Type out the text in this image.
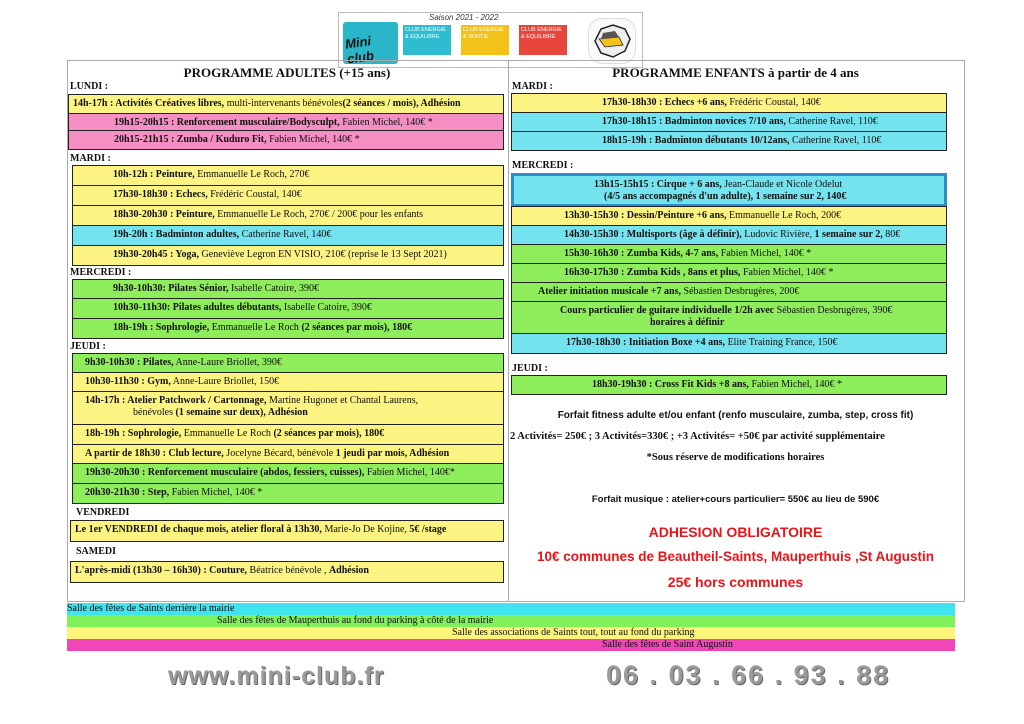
Saison 2021 - 2022
Mini club
CLUB ENERGIE & EQUILIBRE
CLUB ENERGIE & SORTIE
CLUB ENERGIE & EQUILIBRE
PROGRAMME ADULTES (+15 ans)
LUNDI :
14h-17h : Activités Créatives libres, multi-intervenants bénévoles(2 séances / mois), Adhésion
19h15-20h15 : Renforcement musculaire/Bodysculpt, Fabien Michel, 140€ *
20h15-21h15 : Zumba / Kuduro Fit, Fabien Michel, 140€ *
MARDI :
10h-12h : Peinture, Emmanuelle Le Roch, 270€
17h30-18h30 : Echecs, Frédéric Coustal, 140€
18h30-20h30 : Peinture, Emmanuelle Le Roch, 270€ / 200€ pour les enfants
19h-20h : Badminton adultes, Catherine Ravel, 140€
19h30-20h45 : Yoga, Geneviève Legron EN VISIO, 210€ (reprise le 13 Sept 2021)
MERCREDI :
9h30-10h30: Pilates Sénior, Isabelle Catoire, 390€
10h30-11h30: Pilates adultes débutants, Isabelle Catoire, 390€
18h-19h : Sophrologie, Emmanuelle Le Roch (2 séances par mois), 180€
JEUDI :
9h30-10h30 : Pilates, Anne-Laure Briollet, 390€
10h30-11h30 : Gym, Anne-Laure Briollet, 150€
14h-17h : Atelier Patchwork / Cartonnage, Martine Hugonet et Chantal Laurens,
bénévoles (1 semaine sur deux), Adhésion
18h-19h : Sophrologie, Emmanuelle Le Roch (2 séances par mois), 180€
A partir de 18h30 : Club lecture, Jocelyne Bécard, bénévole 1 jeudi par mois, Adhésion
19h30-20h30 : Renforcement musculaire (abdos, fessiers, cuisses), Fabien Michel, 140€*
20h30-21h30 : Step, Fabien Michel, 140€ *
VENDREDI
Le 1er VENDREDI de chaque mois, atelier floral à 13h30, Marie-Jo De Kojine, 5€ /stage
SAMEDI
L'après-midi (13h30 – 16h30) : Couture, Béatrice bénévole , Adhésion
PROGRAMME ENFANTS à partir de 4 ans
MARDI :
17h30-18h30 : Echecs +6 ans, Frédéric Coustal, 140€
17h30-18h15 : Badminton novices 7/10 ans, Catherine Ravel, 110€
18h15-19h : Badminton débutants 10/12ans, Catherine Ravel, 110€
MERCREDI :
13h15-15h15 : Cirque + 6 ans, Jean-Claude et Nicole Odelut
(4/5 ans accompagnés d'un adulte), 1 semaine sur 2, 140€
13h30-15h30 : Dessin/Peinture +6 ans, Emmanuelle Le Roch, 200€
14h30-15h30 : Multisports (âge à définir), Ludovic Rivière, 1 semaine sur 2, 80€
15h30-16h30 : Zumba Kids, 4-7 ans, Fabien Michel, 140€ *
16h30-17h30 : Zumba Kids , 8ans et plus, Fabien Michel, 140€ *
Atelier initiation musicale +7 ans, Sébastien Desbrugères, 200€
Cours particulier de guitare individuelle 1/2h avec Sébastien Desbrugères, 390€
horaires à définir
17h30-18h30 : Initiation Boxe +4 ans, Elite Training France, 150€
JEUDI :
18h30-19h30 : Cross Fit Kids +8 ans, Fabien Michel, 140€ *
Forfait fitness adulte et/ou enfant (renfo musculaire, zumba, step, cross fit)
2 Activités= 250€ ; 3 Activités=330€ ; +3 Activités= +50€ par activité supplémentaire
*Sous réserve de modifications horaires
Forfait musique : atelier+cours particulier= 550€ au lieu de 590€
ADHESION OBLIGATOIRE
10€ communes de Beautheil-Saints, Mauperthuis ,St Augustin
25€ hors communes
Salle des fêtes de Saints derrière la mairie
Salle des fêtes de Mauperthuis au fond du parking à côté de la mairie
Salle des associations de Saints tout, tout au fond du parking
Salle des fêtes de Saint Augustin
www.mini-club.fr	06 . 03 . 66 . 93 . 88
